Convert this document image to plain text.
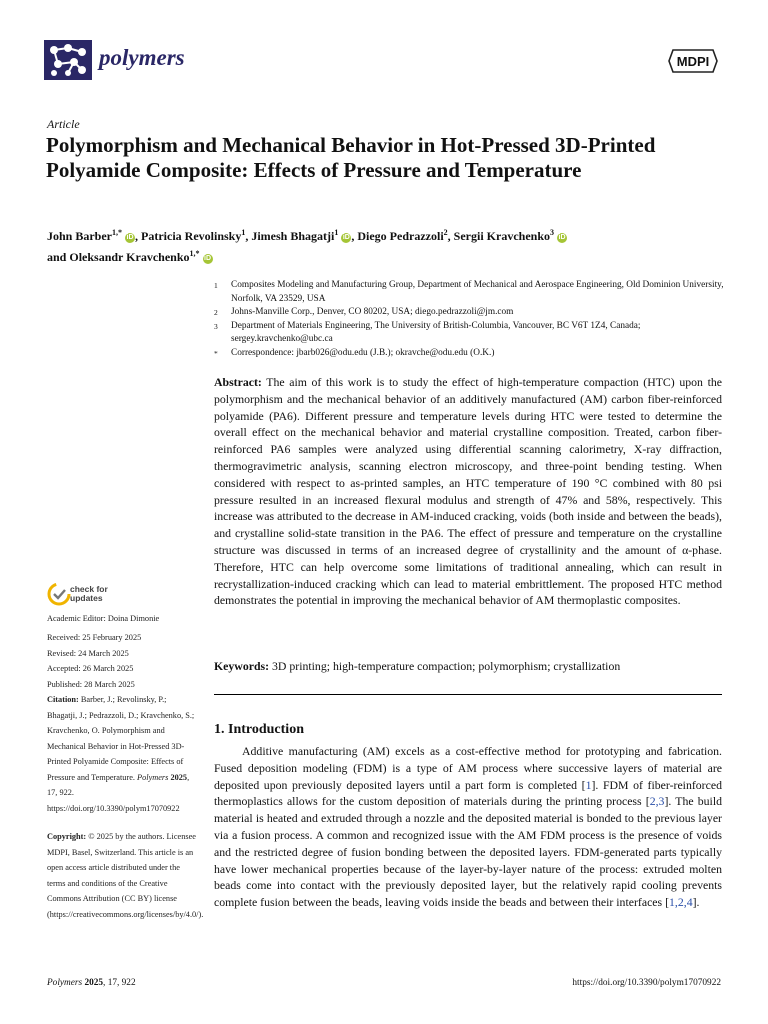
polymers	MDPI
Article
Polymorphism and Mechanical Behavior in Hot-Pressed 3D-Printed Polyamide Composite: Effects of Pressure and Temperature
John Barber$^{1,*}$ iD , Patricia Revolinsky$^1$, Jimesh Bhagatji$^1$ iD , Diego Pedrazzoli$^2$, Sergii Kravchenko$^3$ iD
and Oleksandr Kravchenko$^{1,*}$ iD
1	Composites Modeling and Manufacturing Group, Department of Mechanical and Aerospace Engineering, Old Dominion University, Norfolk, VA 23529, USA
2	Johns-Manville Corp., Denver, CO 80202, USA; diego.pedrazzoli@jm.com
3	Department of Materials Engineering, The University of British-Columbia, Vancouver, BC V6T 1Z4, Canada; sergey.kravchenko@ubc.ca
*	Correspondence: jbarb026@odu.edu (J.B.); okravche@odu.edu (O.K.)
Abstract: The aim of this work is to study the effect of high-temperature compaction (HTC) upon the polymorphism and the mechanical behavior of an additively manufactured (AM) carbon fiber-reinforced polyamide (PA6). Different pressure and temperature levels during HTC were tested to determine the overall effect on the mechanical behavior and material crystalline composition. Treated, carbon fiber-reinforced PA6 samples were analyzed using differential scanning calorimetry, X-ray diffraction, thermogravimetric analysis, scanning electron microscopy, and three-point bending testing. When considered with respect to as-printed samples, an HTC temperature of 190 °C combined with 80 psi pressure resulted in an increased flexural modulus and strength of 47% and 58%, respectively. This increase was attributed to the decrease in AM-induced cracking, voids (both inside and between the beads), and crystalline solid-state transition in the PA6. The effect of pressure and temperature on the crystalline structure was discussed in terms of an increased degree of crystallinity and the amount of α-phase. Therefore, HTC can help overcome some limitations of traditional annealing, which can result in recrystallization-induced cracking which can lead to material embrittlement. The proposed HTC method demonstrates the potential in improving the mechanical behavior of AM thermoplastic composites.
Keywords: 3D printing; high-temperature compaction; polymorphism; crystallization
1. Introduction
Additive manufacturing (AM) excels as a cost-effective method for prototyping and fabrication. Fused deposition modeling (FDM) is a type of AM process where successive layers of material are deposited upon previously deposited layers until a part form is completed [1]. FDM of fiber-reinforced thermoplastics allows for the custom deposition of materials during the printing process [2,3]. The build material is heated and extruded through a nozzle and the deposited material is bonded to the previous layer via a fusion process. A common and recognized issue with the AM FDM process is the presence of voids and the restricted degree of fusion bonding between the deposited layers. FDM-generated parts typically have lower mechanical properties because of the layer-by-layer nature of the process: extruded molten beads come into contact with the previously deposited layer, but the relatively rapid cooling prevents complete fusion between the beads, leaving voids inside the beads and between their interfaces [1,2,4].
check for
updates
Academic Editor: Doina Dimonie
Received: 25 February 2025
Revised: 24 March 2025
Accepted: 26 March 2025
Published: 28 March 2025
Citation: Barber, J.; Revolinsky, P.; Bhagatji, J.; Pedrazzoli, D.; Kravchenko, S.; Kravchenko, O. Polymorphism and Mechanical Behavior in Hot-Pressed 3D-Printed Polyamide Composite: Effects of Pressure and Temperature. Polymers 2025, 17, 922. https://doi.org/10.3390/polym17070922
Copyright: © 2025 by the authors. Licensee MDPI, Basel, Switzerland. This article is an open access article distributed under the terms and conditions of the Creative Commons Attribution (CC BY) license (https://creativecommons.org/licenses/by/4.0/).
Polymers 2025, 17, 922	https://doi.org/10.3390/polym17070922
